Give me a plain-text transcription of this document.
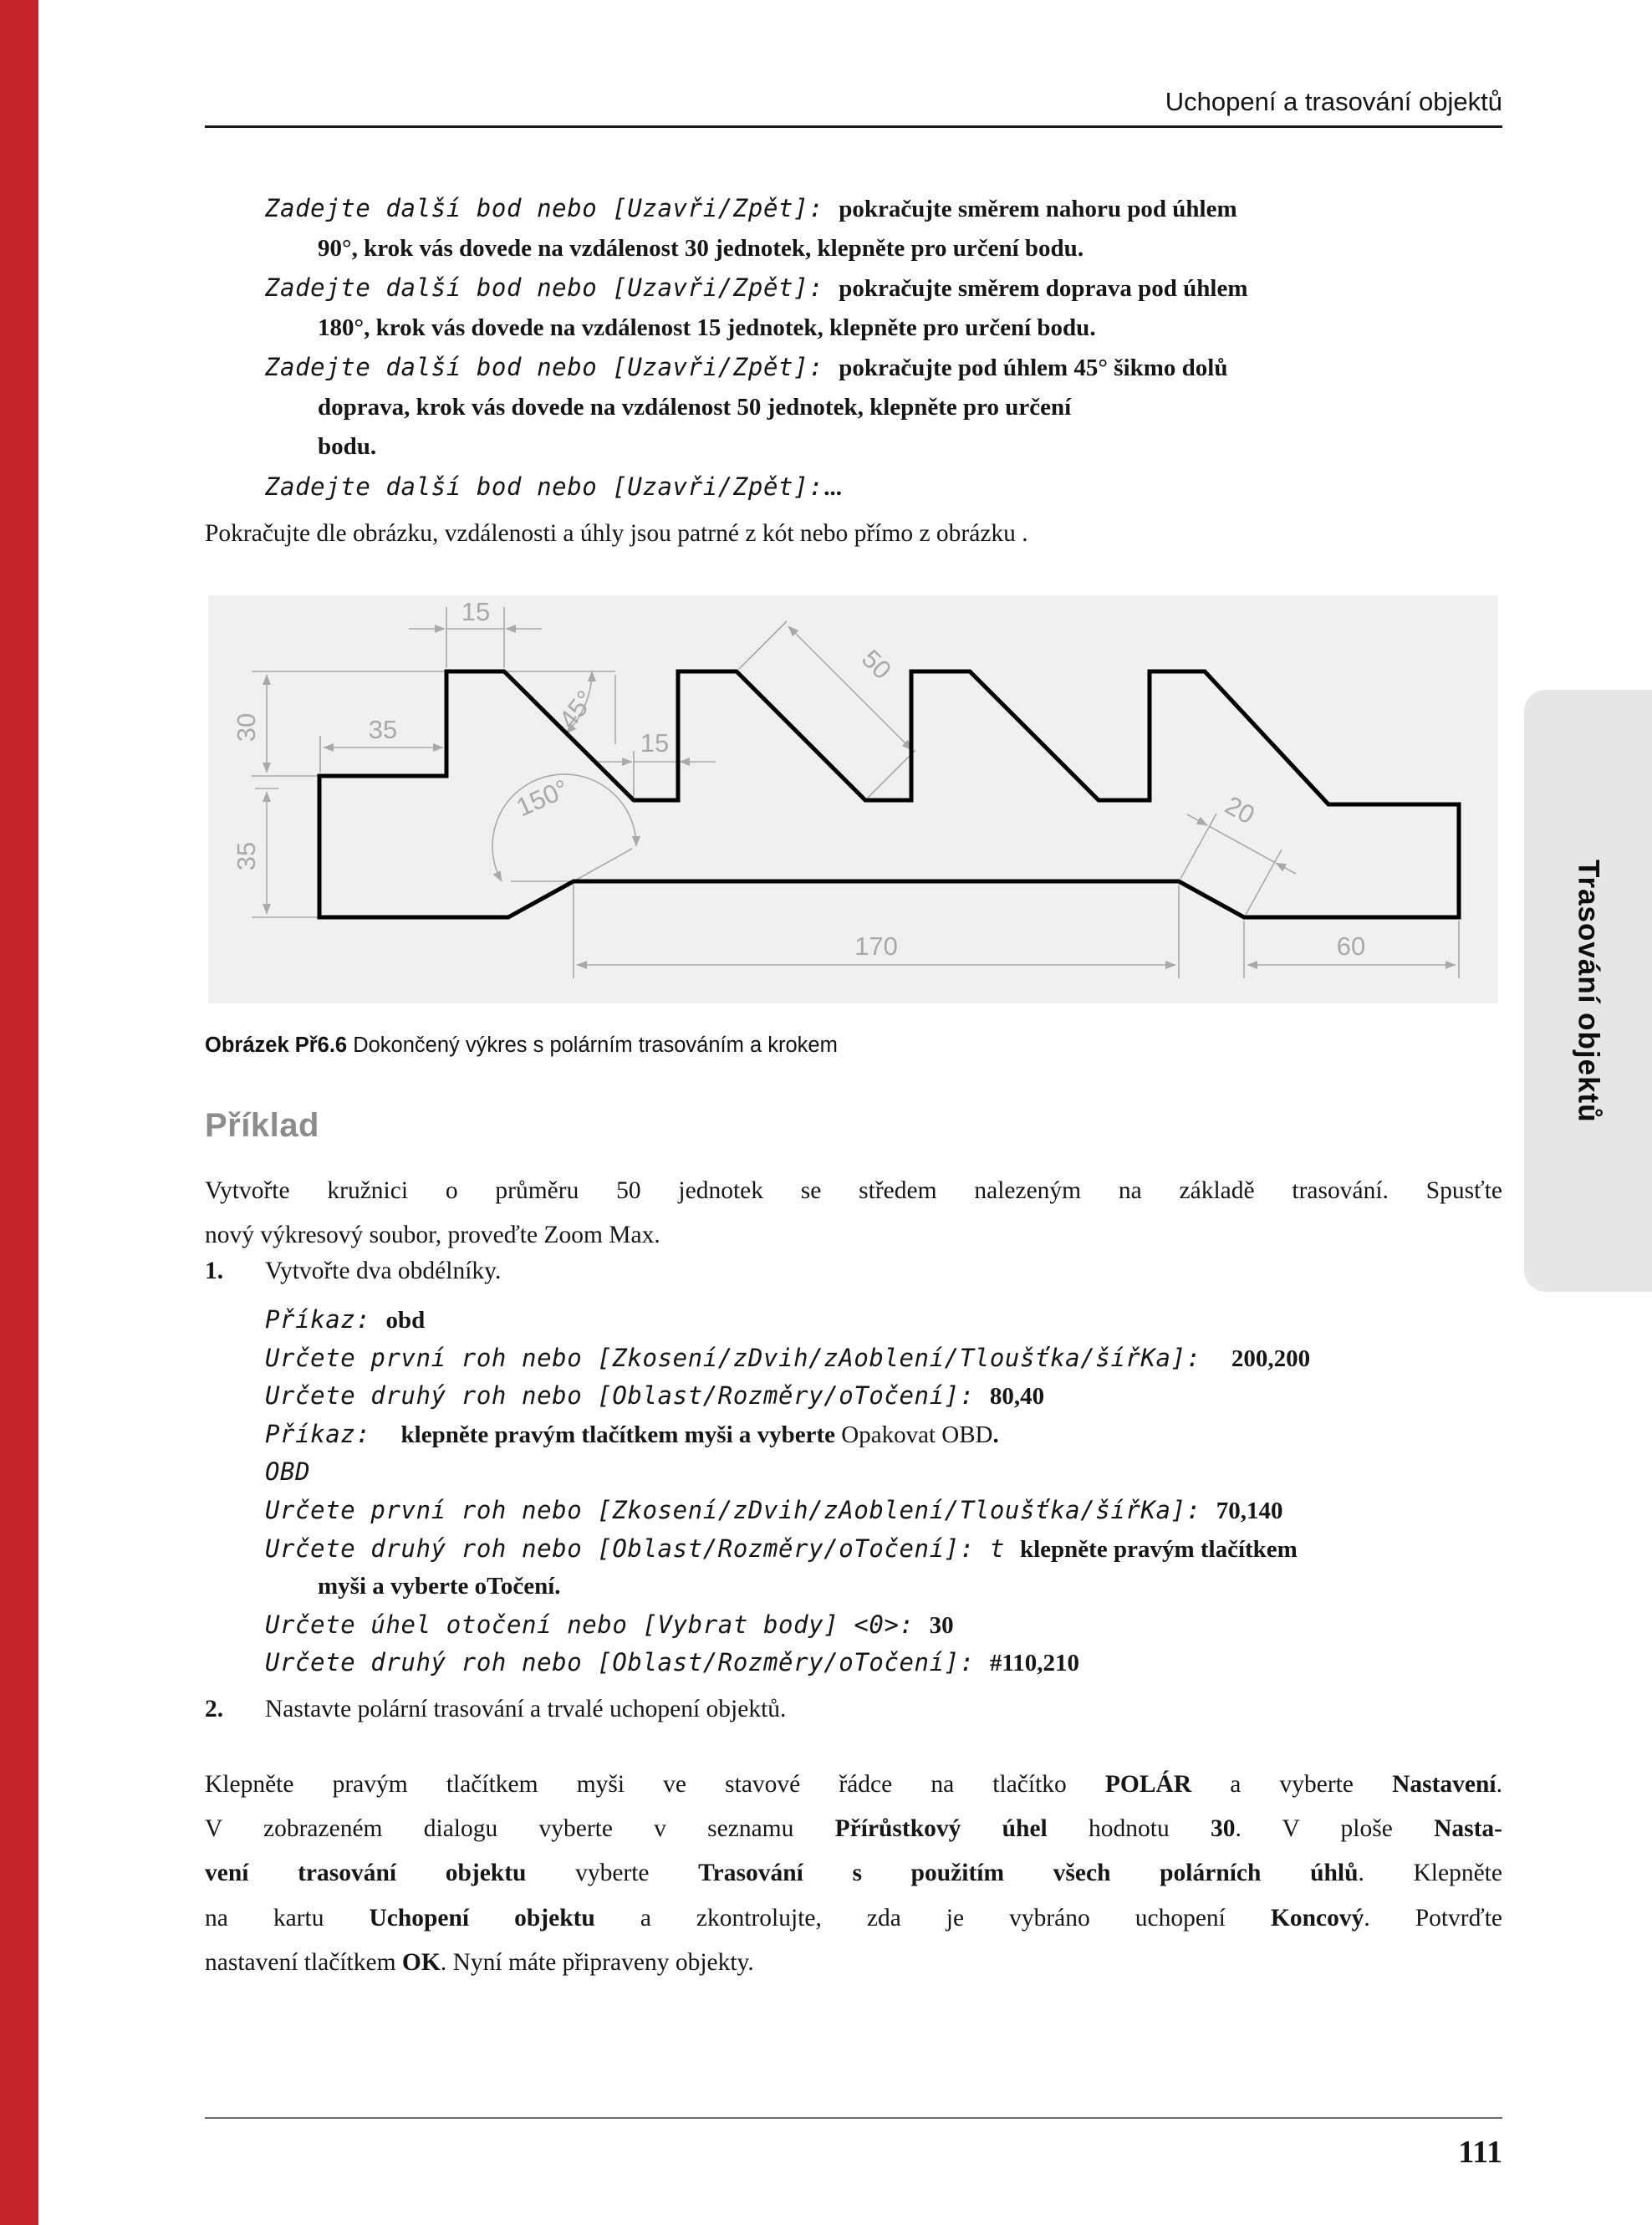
Uchopení a trasování objektů
Zadejte další bod nebo [Uzavři/Zpět]: pokračujte směrem nahoru pod úhlem
90°, krok vás dovede na vzdálenost 30 jednotek, klepněte pro určení bodu.
Zadejte další bod nebo [Uzavři/Zpět]: pokračujte směrem doprava pod úhlem
180°, krok vás dovede na vzdálenost 15 jednotek, klepněte pro určení bodu.
Zadejte další bod nebo [Uzavři/Zpět]: pokračujte pod úhlem 45° šikmo dolů
doprava, krok vás dovede na vzdálenost 50 jednotek, klepněte pro určení
bodu.
Zadejte další bod nebo [Uzavři/Zpět]:...
Pokračujte dle obrázku, vzdálenosti a úhly jsou patrné z kót nebo přímo z obrázku .
15
30
35
35	45°
15
50
150°	20
170	60
Obrázek Př6.6 Dokončený výkres s polárním trasováním a krokem
Příklad
Vytvořte kružnici o průměru 50 jednotek se středem nalezeným na základě trasování. Spusťte
nový výkresový soubor, proveďte Zoom Max.
1. Vytvořte dva obdélníky.
Příkaz: obd
Určete první roh nebo [Zkosení/zDvih/zAoblení/Tloušťka/šířKa]:  200,200
Určete druhý roh nebo [Oblast/Rozměry/oTočení]: 80,40
Příkaz:  klepněte pravým tlačítkem myši a vyberte Opakovat OBD.
OBD
Určete první roh nebo [Zkosení/zDvih/zAoblení/Tloušťka/šířKa]: 70,140
Určete druhý roh nebo [Oblast/Rozměry/oTočení]: t klepněte pravým tlačítkem
myši a vyberte oTočení.
Určete úhel otočení nebo [Vybrat body] <0>: 30
Určete druhý roh nebo [Oblast/Rozměry/oTočení]: #110,210
2. Nastavte polární trasování a trvalé uchopení objektů.
Klepněte pravým tlačítkem myši ve stavové řádce na tlačítko POLÁR a vyberte Nastavení.
V zobrazeném dialogu vyberte v seznamu Přírůstkový úhel hodnotu 30. V ploše Nasta-
vení trasování objektu vyberte Trasování s použitím všech polárních úhlů. Klepněte
na kartu Uchopení objektu a zkontrolujte, zda je vybráno uchopení Koncový. Potvrďte
nastavení tlačítkem OK. Nyní máte připraveny objekty.
111
Trasování objektů
